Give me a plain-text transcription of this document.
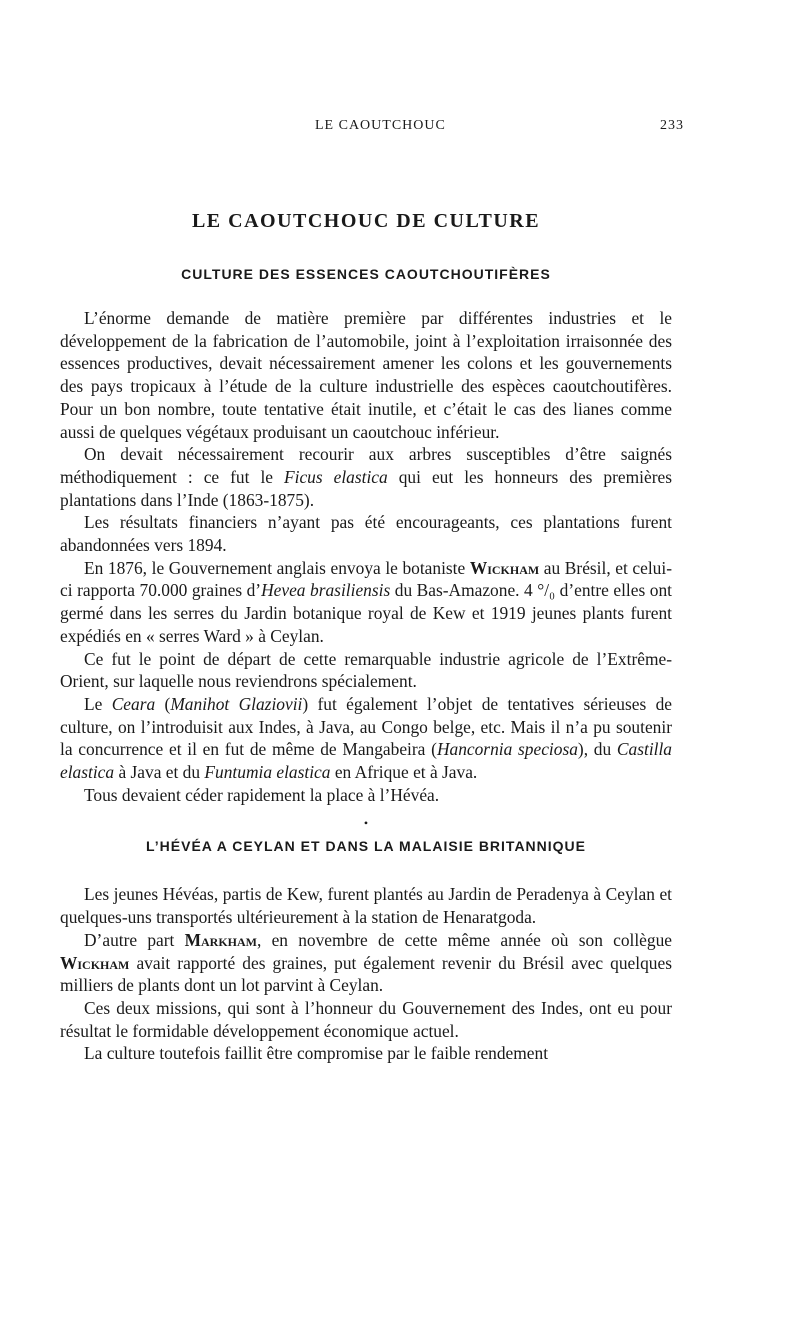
LE CAOUTCHOUC	233
LE CAOUTCHOUC DE CULTURE
CULTURE DES ESSENCES CAOUTCHOUTIFÈRES

L’énorme demande de matière première par différentes industries et le développement de la fabrication de l’automobile, joint à l’exploitation irraisonnée des essences productives, devait nécessairement amener les colons et les gouvernements des pays tropicaux à l’étude de la culture industrielle des espèces caoutchoutifères. Pour un bon nombre, toute tentative était inutile, et c’était le cas des lianes comme aussi de quelques végétaux produisant un caoutchouc inférieur.

On devait nécessairement recourir aux arbres susceptibles d’être saignés méthodiquement : ce fut le Ficus elastica qui eut les honneurs des premières plantations dans l’Inde (1863-1875).

Les résultats financiers n’ayant pas été encourageants, ces plantations furent abandonnées vers 1894.

En 1876, le Gouvernement anglais envoya le botaniste Wickham au Brésil, et celui-ci rapporta 70.000 graines d’Hevea brasiliensis du Bas-Amazone. 4 °/₀ d’entre elles ont germé dans les serres du Jardin botanique royal de Kew et 1919 jeunes plants furent expédiés en « serres Ward » à Ceylan.

Ce fut le point de départ de cette remarquable industrie agricole de l’Extrême-Orient, sur laquelle nous reviendrons spécialement.

Le Ceara (Manihot Glaziovii) fut également l’objet de tentatives sérieuses de culture, on l’introduisit aux Indes, à Java, au Congo belge, etc. Mais il n’a pu soutenir la concurrence et il en fut de même de Mangabeira (Hancornia speciosa), du Castilla elastica à Java et du Funtumia elastica en Afrique et à Java.

Tous devaient céder rapidement la place à l’Hévéa.

•
L’HÉVÉA A CEYLAN ET DANS LA MALAISIE BRITANNIQUE

Les jeunes Hévéas, partis de Kew, furent plantés au Jardin de Peradenya à Ceylan et quelques-uns transportés ultérieurement à la station de Henaratgoda.

D’autre part Markham, en novembre de cette même année où son collègue Wickham avait rapporté des graines, put également revenir du Brésil avec quelques milliers de plants dont un lot parvint à Ceylan.

Ces deux missions, qui sont à l’honneur du Gouvernement des Indes, ont eu pour résultat le formidable développement économique actuel.

La culture toutefois faillit être compromise par le faible rendement
